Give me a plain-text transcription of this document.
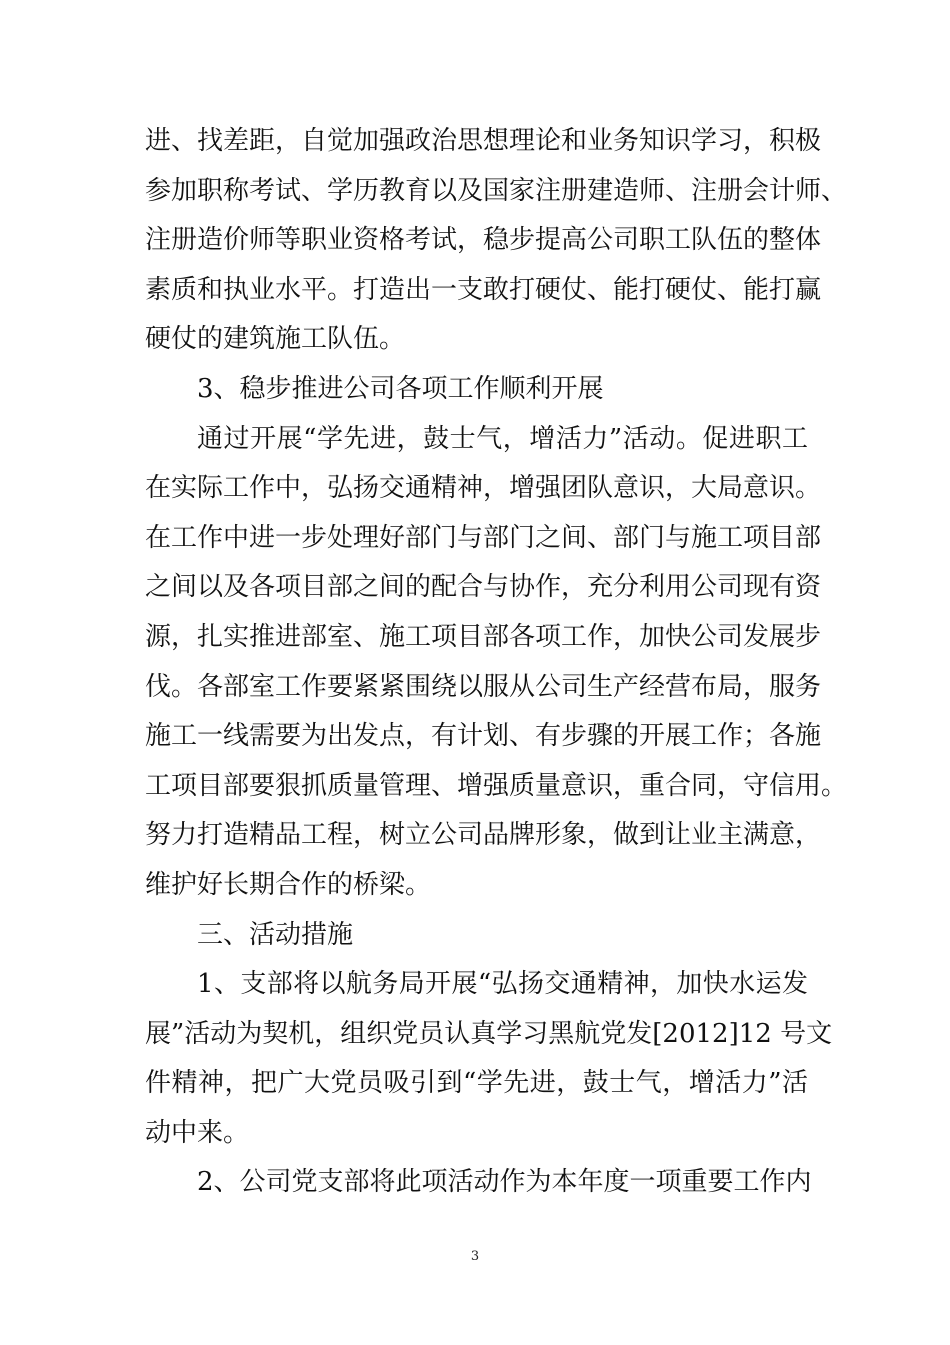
进、找差距，自觉加强政治思想理论和业务知识学习，积极
参加职称考试、学历教育以及国家注册建造师、注册会计师、
注册造价师等职业资格考试，稳步提高公司职工队伍的整体
素质和执业水平。打造出一支敢打硬仗、能打硬仗、能打赢
硬仗的建筑施工队伍。
3、稳步推进公司各项工作顺利开展
通过开展“学先进，鼓士气，增活力”活动。促进职工
在实际工作中，弘扬交通精神，增强团队意识，大局意识。
在工作中进一步处理好部门与部门之间、部门与施工项目部
之间以及各项目部之间的配合与协作，充分利用公司现有资
源，扎实推进部室、施工项目部各项工作，加快公司发展步
伐。各部室工作要紧紧围绕以服从公司生产经营布局，服务
施工一线需要为出发点，有计划、有步骤的开展工作；各施
工项目部要狠抓质量管理、增强质量意识，重合同，守信用。
努力打造精品工程，树立公司品牌形象，做到让业主满意，
维护好长期合作的桥梁。
三、活动措施
1、支部将以航务局开展“弘扬交通精神，加快水运发
展”活动为契机，组织党员认真学习黑航党发[2012]12 号文
件精神，把广大党员吸引到“学先进，鼓士气，增活力”活
动中来。
2、公司党支部将此项活动作为本年度一项重要工作内
3
